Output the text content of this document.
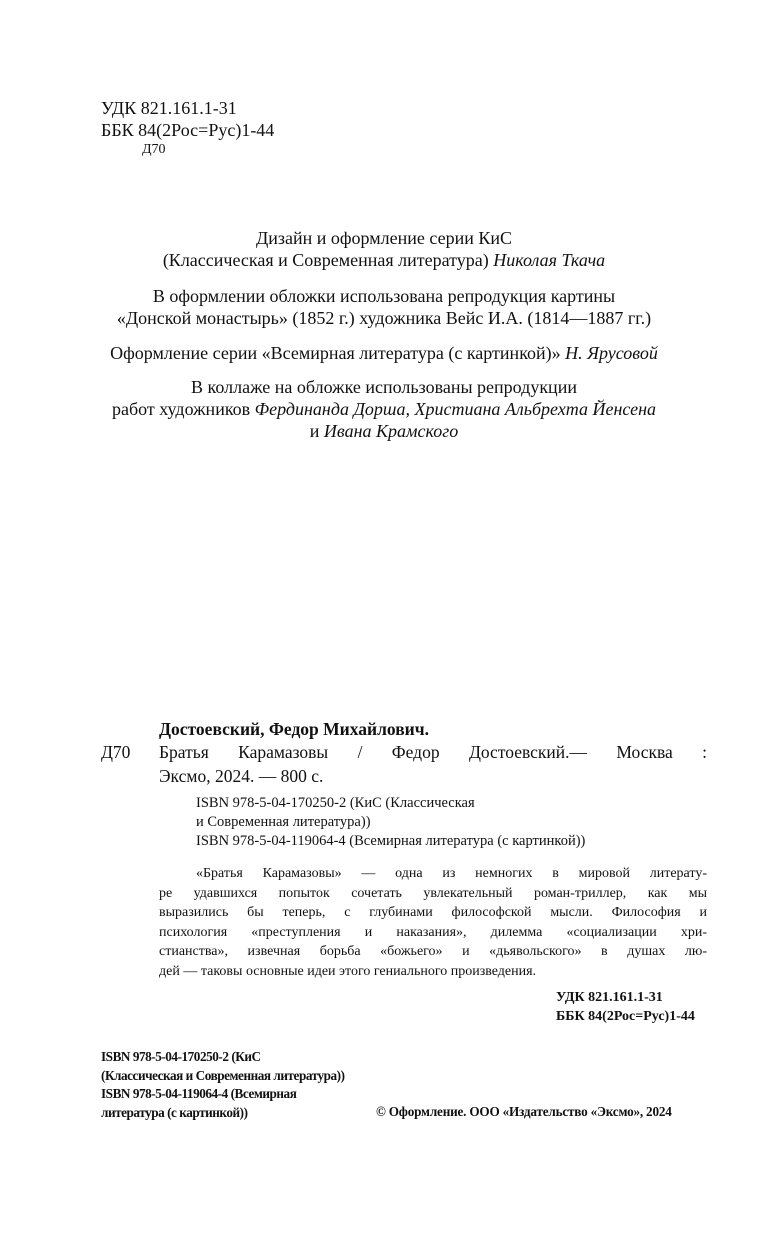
УДК 821.161.1-31
ББК 84(2Рос=Рус)1-44
Д70
Дизайн и оформление серии КиС
(Классическая и Современная литература) Николая Ткача
В оформлении обложки использована репродукция картины
«Донской монастырь» (1852 г.) художника Вейс И.А. (1814—1887 гг.)
Оформление серии «Всемирная литература (с картинкой)» Н. Ярусовой
В коллаже на обложке использованы репродукции
работ художников Фердинанда Дорша, Христиана Альбрехта Йенсена
и Ивана Крамского
Достоевский, Федор Михайлович.
Д70 Братья Карамазовы / Федор Достоевский.— Москва :
Эксмо, 2024. — 800 с.
ISBN 978-5-04-170250-2 (КиС (Классическая
и Современная литература))
ISBN 978-5-04-119064-4 (Всемирная литература (с картинкой))
«Братья Карамазовы» — одна из немногих в мировой литерату-
ре удавшихся попыток сочетать увлекательный роман-триллер, как мы
выразились бы теперь, с глубинами философской мысли. Философия и
психология «преступления и наказания», дилемма «социализации хри-
стианства», извечная борьба «божьего» и «дьявольского» в душах лю-
дей — таковы основные идеи этого гениального произведения.
УДК 821.161.1-31
ББК 84(2Рос=Рус)1-44
ISBN 978-5-04-170250-2 (КиС
(Классическая и Современная литература))
ISBN 978-5-04-119064-4 (Всемирная
литература (с картинкой))	© Оформление. ООО «Издательство «Эксмо», 2024
